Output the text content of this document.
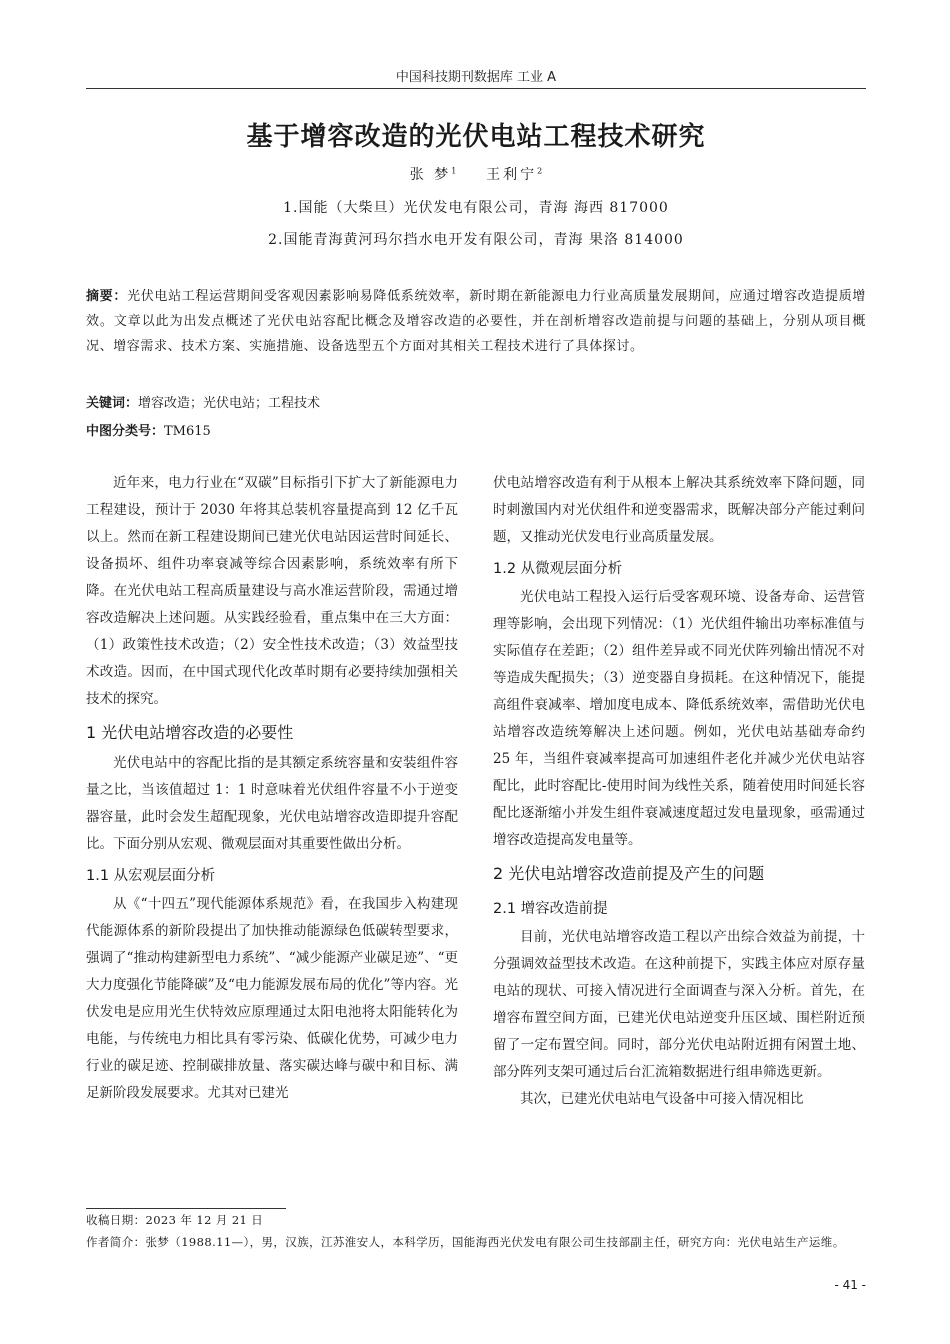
中国科技期刊数据库 工业 A
基于增容改造的光伏电站工程技术研究
张 梦$^1$ 王利宁$^2$
1.国能（大柴旦）光伏发电有限公司，青海 海西 817000
2.国能青海黄河玛尔挡水电开发有限公司，青海 果洛 814000
摘要：光伏电站工程运营期间受客观因素影响易降低系统效率，新时期在新能源电力行业高质量发展期间，应通过增容改造提质增效。文章以此为出发点概述了光伏电站容配比概念及增容改造的必要性，并在剖析增容改造前提与问题的基础上，分别从项目概况、增容需求、技术方案、实施措施、设备选型五个方面对其相关工程技术进行了具体探讨。
关键词：增容改造；光伏电站；工程技术
中图分类号：TM615

近年来，电力行业在“双碳”目标指引下扩大了新能源电力工程建设，预计于 2030 年将其总装机容量提高到 12 亿千瓦以上。然而在新工程建设期间已建光伏电站因运营时间延长、设备损坏、组件功率衰减等综合因素影响，系统效率有所下降。在光伏电站工程高质量建设与高水准运营阶段，需通过增容改造解决上述问题。从实践经验看，重点集中在三大方面：（1）政策性技术改造；（2）安全性技术改造；（3）效益型技术改造。因而，在中国式现代化改革时期有必要持续加强相关技术的探究。

1 光伏电站增容改造的必要性

光伏电站中的容配比指的是其额定系统容量和安装组件容量之比，当该值超过 1：1 时意味着光伏组件容量不小于逆变器容量，此时会发生超配现象，光伏电站增容改造即提升容配比。下面分别从宏观、微观层面对其重要性做出分析。

1.1 从宏观层面分析

从《“十四五”现代能源体系规范》看，在我国步入构建现代能源体系的新阶段提出了加快推动能源绿色低碳转型要求，强调了“推动构建新型电力系统”、“减少能源产业碳足迹”、“更大力度强化节能降碳”及“电力能源发展布局的优化”等内容。光伏发电是应用光生伏特效应原理通过太阳电池将太阳能转化为电能，与传统电力相比具有零污染、低碳化优势，可减少电力行业的碳足迹、控制碳排放量、落实碳达峰与碳中和目标、满足新阶段发展要求。尤其对已建光

伏电站增容改造有利于从根本上解决其系统效率下降问题，同时刺激国内对光伏组件和逆变器需求，既解决部分产能过剩问题，又推动光伏发电行业高质量发展。

1.2 从微观层面分析

光伏电站工程投入运行后受客观环境、设备寿命、运营管理等影响，会出现下列情况：（1）光伏组件输出功率标准值与实际值存在差距；（2）组件差异或不同光伏阵列输出情况不对等造成失配损失；（3）逆变器自身损耗。在这种情况下，能提高组件衰减率、增加度电成本、降低系统效率，需借助光伏电站增容改造统筹解决上述问题。例如，光伏电站基础寿命约 25 年，当组件衰减率提高可加速组件老化并减少光伏电站容配比，此时容配比-使用时间为线性关系，随着使用时间延长容配比逐渐缩小并发生组件衰减速度超过发电量现象，亟需通过增容改造提高发电量等。

2 光伏电站增容改造前提及产生的问题
2.1 增容改造前提

目前，光伏电站增容改造工程以产出综合效益为前提，十分强调效益型技术改造。在这种前提下，实践主体应对原存量电站的现状、可接入情况进行全面调查与深入分析。首先，在增容布置空间方面，已建光伏电站逆变升压区域、围栏附近预留了一定布置空间。同时，部分光伏电站附近拥有闲置土地、部分阵列支架可通过后台汇流箱数据进行组串筛选更新。

其次，已建光伏电站电气设备中可接入情况相比

收稿日期：2023 年 12 月 21 日
作者简介：张梦（1988.11—），男，汉族，江苏淮安人，本科学历，国能海西光伏发电有限公司生技部副主任，研究方向：光伏电站生产运维。
- 41 -
